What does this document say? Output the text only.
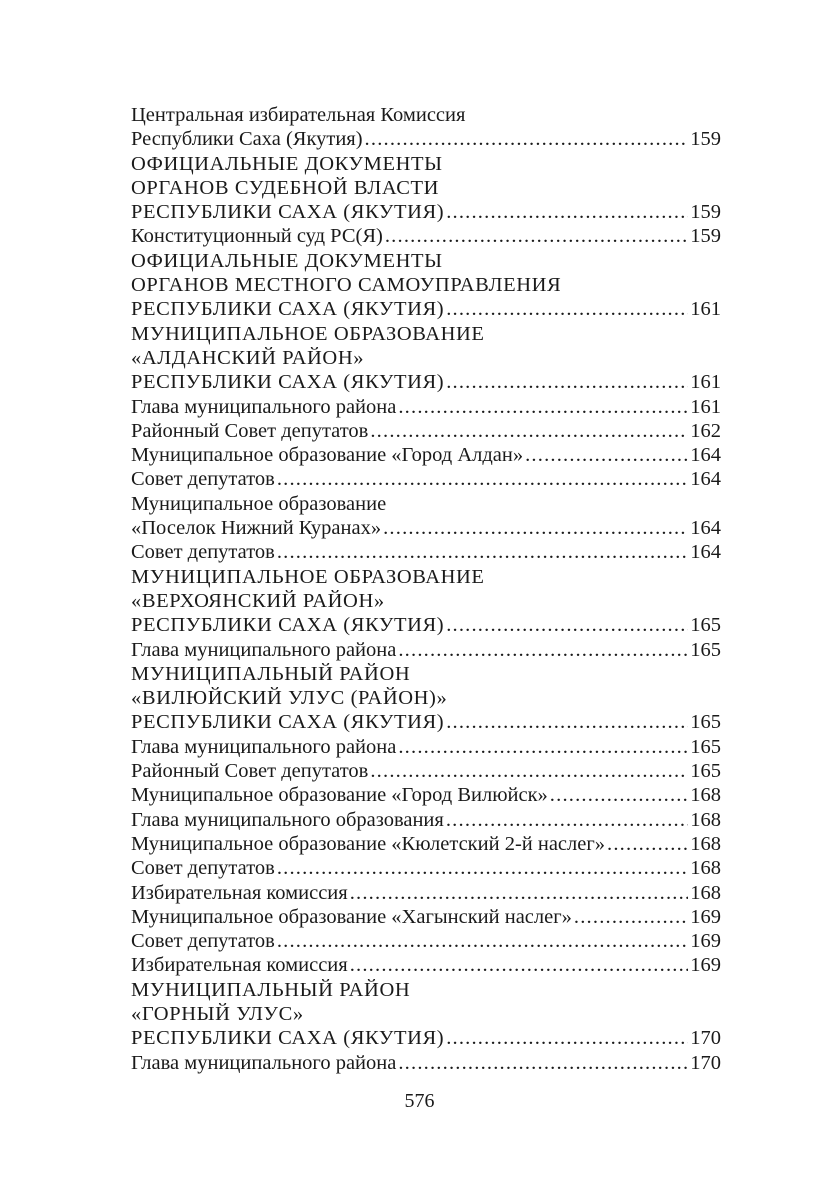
Центральная избирательная Комиссия
Республики Саха (Якутия) .....	159
ОФИЦИАЛЬНЫЕ ДОКУМЕНТЫ
ОРГАНОВ СУДЕБНОЙ ВЛАСТИ
РЕСПУБЛИКИ САХА (ЯКУТИЯ) .....	159
Конституционный суд РС(Я) .....	159
ОФИЦИАЛЬНЫЕ ДОКУМЕНТЫ
ОРГАНОВ МЕСТНОГО САМОУПРАВЛЕНИЯ
РЕСПУБЛИКИ САХА (ЯКУТИЯ) .....	161
МУНИЦИПАЛЬНОЕ ОБРАЗОВАНИЕ
«АЛДАНСКИЙ РАЙОН»
РЕСПУБЛИКИ САХА (ЯКУТИЯ) .....	161
Глава муниципального района .....	161
Районный Совет депутатов .....	162
Муниципальное образование «Город Алдан» .....	164
Совет депутатов .....	164
Муниципальное образование
«Поселок Нижний Куранах» .....	164
Совет депутатов .....	164
МУНИЦИПАЛЬНОЕ ОБРАЗОВАНИЕ
«ВЕРХОЯНСКИЙ РАЙОН»
РЕСПУБЛИКИ САХА (ЯКУТИЯ) .....	165
Глава муниципального района .....	165
МУНИЦИПАЛЬНЫЙ РАЙОН
«ВИЛЮЙСКИЙ УЛУС (РАЙОН)»
РЕСПУБЛИКИ САХА (ЯКУТИЯ) .....	165
Глава муниципального района .....	165
Районный Совет депутатов .....	165
Муниципальное образование «Город Вилюйск» .....	168
Глава муниципального образования .....	168
Муниципальное образование «Кюлетский 2-й наслег» .....	168
Совет депутатов .....	168
Избирательная комиссия .....	168
Муниципальное образование «Хагынский наслег» .....	169
Совет депутатов .....	169
Избирательная комиссия .....	169
МУНИЦИПАЛЬНЫЙ РАЙОН
«ГОРНЫЙ УЛУС»
РЕСПУБЛИКИ САХА (ЯКУТИЯ) .....	170
Глава муниципального района .....	170
576
